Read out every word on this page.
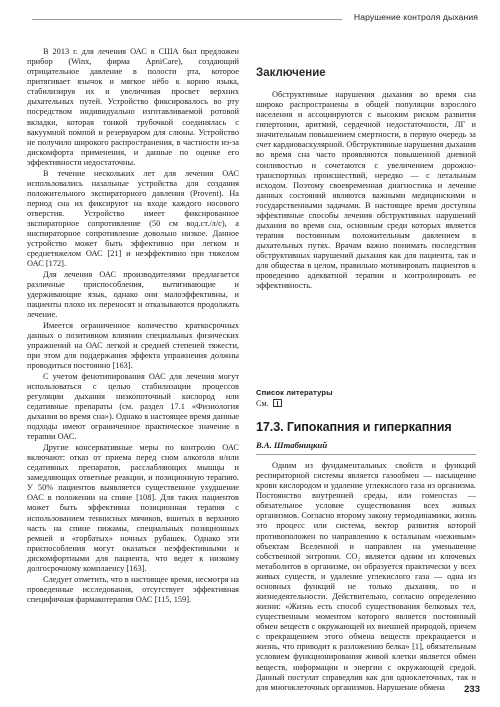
Нарушение контроля дыхания

В 2013 г. для лечения ОАС в США был предложен прибор (Winx, фирма ApniCare), создающий отрицательное давление в полости рта, которое притягивает язычок и мягкое нёбо к корню языка, стабилизируя их и увеличивая просвет верхних дыхательных путей. Устройство фиксировалось во рту посредством индивидуально изготавливаемой ротовой вкладки, которая тонкой трубочкой соединялась с вакуумной помпой и резервуаром для слюны. Устройство не получило широкого распространения, в частности из-за дискомфорта применения, и данные по оценке его эффективности недостаточны.

В течение нескольких лет для лечения ОАС использовались назальные устройства для создания положительного экспираторного давления (Provent). На период сна их фиксируют на входе каждого носового отверстия. Устройство имеет фиксированное экспираторное сопротивление (50 см вод.ст./л/с), а инспираторное сопротивление довольно низкое. Данное устройство может быть эффективно при легком и среднетяжелом ОАС [21] и неэффективно при тяжелом ОАС [172].

Для лечения ОАС производителями предлагается различные приспособления, вытягивающие и удерживающие язык, однако они малоэффективны, и пациенты плохо их переносят и отказываются продолжать лечение.

Имеется ограниченное количество краткосрочных данных о позитивном влиянии специальных физических упражнений на ОАС легкой и средней степеней тяжести, при этом для поддержания эффекта упражнения должны проводиться постоянно [163].

С учетом фенотипирования ОАС для лечения могут использоваться с целью стабилизации процессов регуляции дыхания низкопоточный кислород или седативные препараты (см. раздел 17.1 «Физиология дыхания во время сна»). Однако в настоящее время данные подходы имеют ограниченное практическое значение в терапии ОАС.

Другие консервативные меры по контролю ОАС включают: отказ от приема перед сном алкоголя и/или седативных препаратов, расслабляющих мышцы и замедляющих ответные реакции, и позиционную терапию. У 50% пациентов выявляется существенное ухудшение ОАС в положении на спине [108]. Для таких пациентов может быть эффективна позиционная терапия с использованием теннисных мячиков, вшитых в верхнюю часть на спине пижамы, специальных позиционных ремней и «горбатых» ночных рубашек. Однако эти приспособления могут оказаться неэффективными и дискомфортными для пациента, что ведет к низкому долгосрочному комплаенсу [163].

Следует отметить, что в настоящее время, несмотря на проведенные исследования, отсутствует эффективная специфичная фармакотерапия ОАС [115, 159].

Заключение

Обструктивные нарушения дыхания во время сна широко распространены в общей популяции взрослого населения и ассоциируются с высоким риском развития гипертонии, аритмий, сердечной недостаточности, ЛГ и значительным повышением смертности, в первую очередь за счет кардиоваскулярной. Обструктивные нарушения дыхания во время сна часто проявляются повышенной дневной сонливостью и сочетаются с увеличением дорожно-транспортных происшествий, нередко — с летальным исходом. Поэтому своевременная диагностика и лечение данных состояний являются важными медицинскими и государственными задачами. В настоящее время доступны эффективные способы лечения обструктивных нарушений дыхания во время сна, основным среди которых является терапия постоянным положительным давлением в дыхательных путях. Врачам важно понимать последствия обструктивных нарушений дыхания как для пациента, так и для общества в целом, правильно мотивировать пациентов к проведению адекватной терапии и контролировать ее эффективность.

Список литературы
См.
17.3. Гипокапния и гиперкапния
В.А. Штабницкий

Одним из фундаментальных свойств и функций респираторной системы является газообмен — насыщение крови кислородом и удаление углекислого газа из организма. Постоянство внутренней среды, или гомеостаз — обязательное условие существования всех живых организмов. Согласно второму закону термодинамики, жизнь это процесс или система, вектор развития которой противоположен по направлению к остальным «неживым» объектам Вселенной и направлен на уменьшение собственной энтропии. CO₂ является одним из ключевых метаболитов в организме, он образуется практически у всех живых существ, и удаление углекислого газа — одна из основных функций не только дыхания, но и жизнедеятельности. Действительно, согласно определению жизни: «Жизнь есть способ существования белковых тел, существенным моментом которого является постоянный обмен веществ с окружающей их внешней природой, причем с прекращением этого обмена веществ прекращается и жизнь, что приводит к разложению белка» [1], обязательным условием функционирования живой клетки является обмен веществ, информации и энергии с окружающей средой. Данный постулат справедлив как для одноклеточных, так и для многоклеточных организмов. Нарушение обмена	233
